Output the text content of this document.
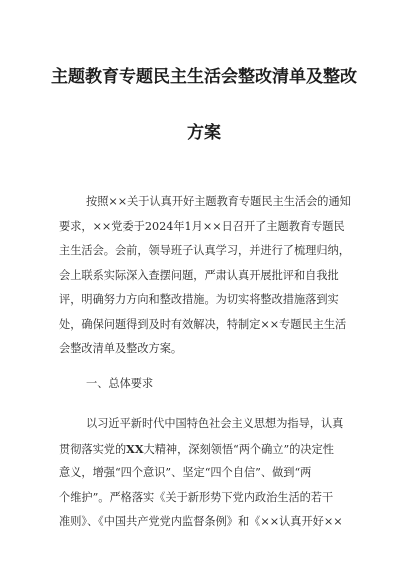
主题教育专题民主生活会整改清单及整改
方案
按照××关于认真开好主题教育专题民主生活会的通知
要求，××党委于2024年1月××日召开了主题教育专题民
主生活会。会前，领导班子认真学习，并进行了梳理归纳，
会上联系实际深入查摆问题，严肃认真开展批评和自我批
评，明确努力方向和整改措施。为切实将整改措施落到实
处，确保问题得到及时有效解决，特制定××专题民主生活
会整改清单及整改方案。
一、总体要求
以习近平新时代中国特色社会主义思想为指导，认真
贯彻落实党的XX大精神，深刻领悟“两个确立”的决定性
意义，增强“四个意识”、坚定“四个自信”、做到“两
个维护”。严格落实《关于新形势下党内政治生活的若干
准则》、《中国共产党党内监督条例》和《××认真开好××
